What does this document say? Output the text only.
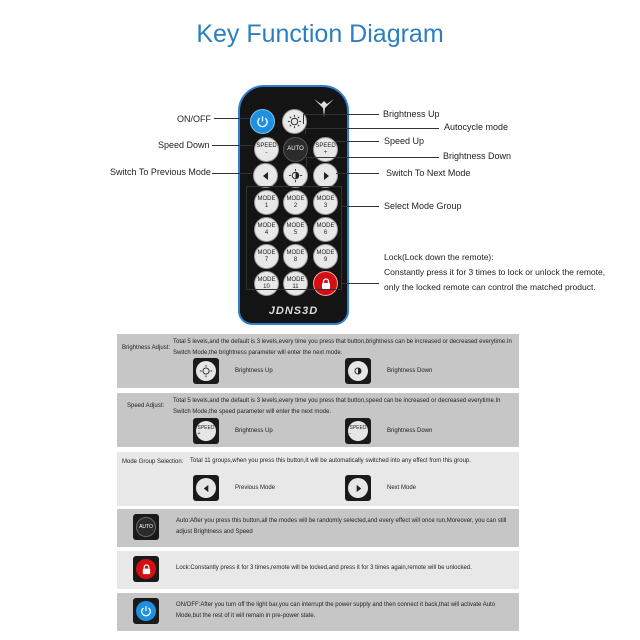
Key Function Diagram
SPEED
-
AUTO
SPEED
+
MODE
1
MODE
2
MODE
3
MODE
4
MODE
5
MODE
6
MODE
7
MODE
8
MODE
9
MODE
10
MODE
11
JDNS3D
ON/OFF
Speed Down
Switch To Previous Mode
Brightness Up
Autocycle mode
Speed Up
Brightness Down
Switch To Next Mode
Select Mode Group
Lock(Lock down the remote):
Constantly press it for 3 times to lock or unlock the remote,
only the locked remote can control the matched product.
Brightness Adjust:
Total 5 levels,and the default is 3 levels,every time you press that button,brightness can be increased or decreased everytime.In Switch Mode,the brightness parameter will enter the next mode.
Brightness Up	Brightness Down
Speed Adjust:
Total 5 levels,and the default is 3 levels,every time you press that button,speed can be increased or decreased everytime.In Switch Mode,the speed parameter will enter the next mode.
SPEED
+	Brightness Up	SPEED
-	Brightness Down
Mode Group Selection: Total 11 groups,when you press this button,It will be automatically switched into any effect from this group.
Previous Mode	Next Mode
AUTO
Auto:After you press this button,all the modes will be randomly selected,and every effect will once run.Moreover, you can still adjust Brightness and Speed
Lock:Constantly press it for 3 times,remote will be locked,and press it for 3 times again,remote will be unlocked.
ON/OFF:After you turn off the light bar,you can interrupt the power supply and then connect it back,that will activate Auto Mode,but the rest of it will remain in pre-power state.
